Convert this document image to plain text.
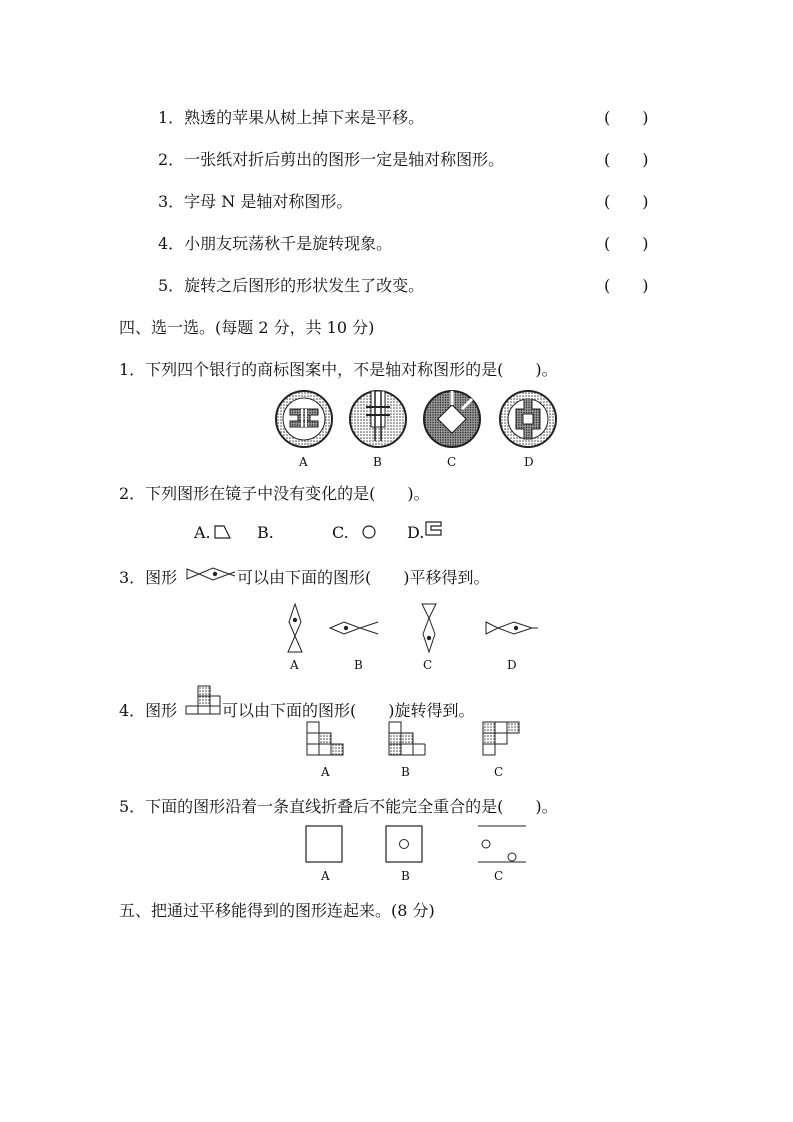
1．熟透的苹果从树上掉下来是平移。	(　　)
2．一张纸对折后剪出的图形一定是轴对称图形。	(　　)
3．字母 N 是轴对称图形。	(　　)
4．小朋友玩荡秋千是旋转现象。	(　　)
5．旋转之后图形的形状发生了改变。	(　　)
四、选一选。(每题 2 分，共 10 分)
1．下列四个银行的商标图案中，不是轴对称图形的是(　　)。
A	B	C	D
2．下列图形在镜子中没有变化的是(　　)。
A.	B.	C.	D.
3．图形	可以由下面的图形(　　)平移得到。
A	B	C	D
4．图形	可以由下面的图形(　　)旋转得到。
A	B	C
5．下面的图形沿着一条直线折叠后不能完全重合的是(　　)。
A	B	C
五、把通过平移能得到的图形连起来。(8 分)
